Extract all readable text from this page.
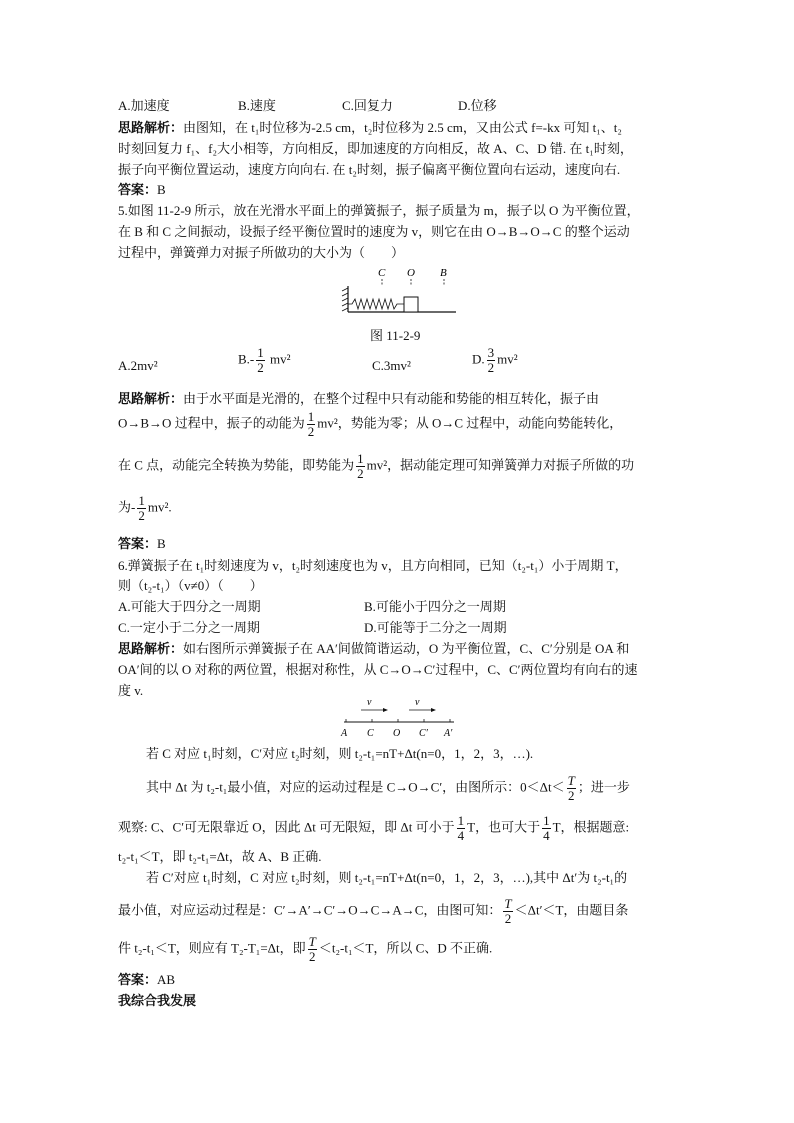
A.加速度	B.速度	C.回复力	D.位移
思路解析：由图知，在 t₁时位移为-2.5 cm，t₂时位移为 2.5 cm，又由公式 f=-kx 可知 t₁、t₂
时刻回复力 f₁、f₂大小相等，方向相反，即加速度的方向相反，故 A、C、D 错. 在 t₁时刻，
振子向平衡位置运动，速度方向向右. 在 t₂时刻，振子偏离平衡位置向右运动，速度向右.
答案：B
5.如图 11-2-9 所示，放在光滑水平面上的弹簧振子，振子质量为 m，振子以 O 为平衡位置，
在 B 和 C 之间振动，设振子经平衡位置时的速度为 v，则它在由 O→B→O→C 的整个运动
过程中，弹簧弹力对振子所做功的大小为（　　）
C O B
图 11-2-9
A.2mv²	$B.- \frac{1}{2} mv^2$	C.3mv²	D. $\frac{3}{2} mv^2$
思路解析：由于水平面是光滑的，在整个过程中只有动能和势能的相互转化，振子由
O→B→O 过程中，振子的动能为 $\frac{1}{2} mv^2$，势能为零；从 O→C 过程中，动能向势能转化，
在 C 点，动能完全转换为势能，即势能为 $\frac{1}{2} mv^2$，据动能定理可知弹簧弹力对振子所做的功
为- $\frac{1}{2} mv^2$.
答案：B
6.弹簧振子在 t₁时刻速度为 v，t₂时刻速度也为 v，且方向相同，已知（t₂-t₁）小于周期 T，
则（t₂-t₁）（v≠0）（　　）
A.可能大于四分之一周期	B.可能小于四分之一周期
C.一定小于二分之一周期	D.可能等于二分之一周期
思路解析：如右图所示弹簧振子在 AA′间做简谐运动，O 为平衡位置，C、C′分别是 OA 和
OA′间的以 O 对称的两位置，根据对称性，从 C→O→C′过程中，C、C′两位置均有向右的速
度 v.
v	v
A C O C′ A′
若 C 对应 t₁时刻，C′对应 t₂时刻，则 t₂-t₁=nT+Δt(n=0，1，2，3，…).
其中 Δt 为 t₂-t₁最小值，对应的运动过程是 C→O→C′，由图所示：$0<\Delta t< \frac{T}{2}$ ；进一步
观察: C、C′可无限靠近 O，因此 Δt 可无限短，即 Δt 可小于 $\frac{1}{4}$ T，也可大于 $\frac{1}{4}$ T，根据题意:
t₂-t₁＜T，即 t₂-t₁=Δt，故 A、B 正确.
若 C′对应 t₁时刻，C 对应 t₂时刻，则 t₂-t₁=nT+Δt(n=0，1，2，3，…),其中 Δt′为 t₂-t₁的
最小值，对应运动过程是：C′→A′→C′→O→C→A→C，由图可知： $\frac{T}{2} <\Delta t'<T$，由题目条
件 t₂-t₁＜T，则应有 T₂-T₁=Δt，即 $\frac{T}{2} <t_2-t_1<T$，所以 C、D 不正确.
答案：AB
我综合我发展
